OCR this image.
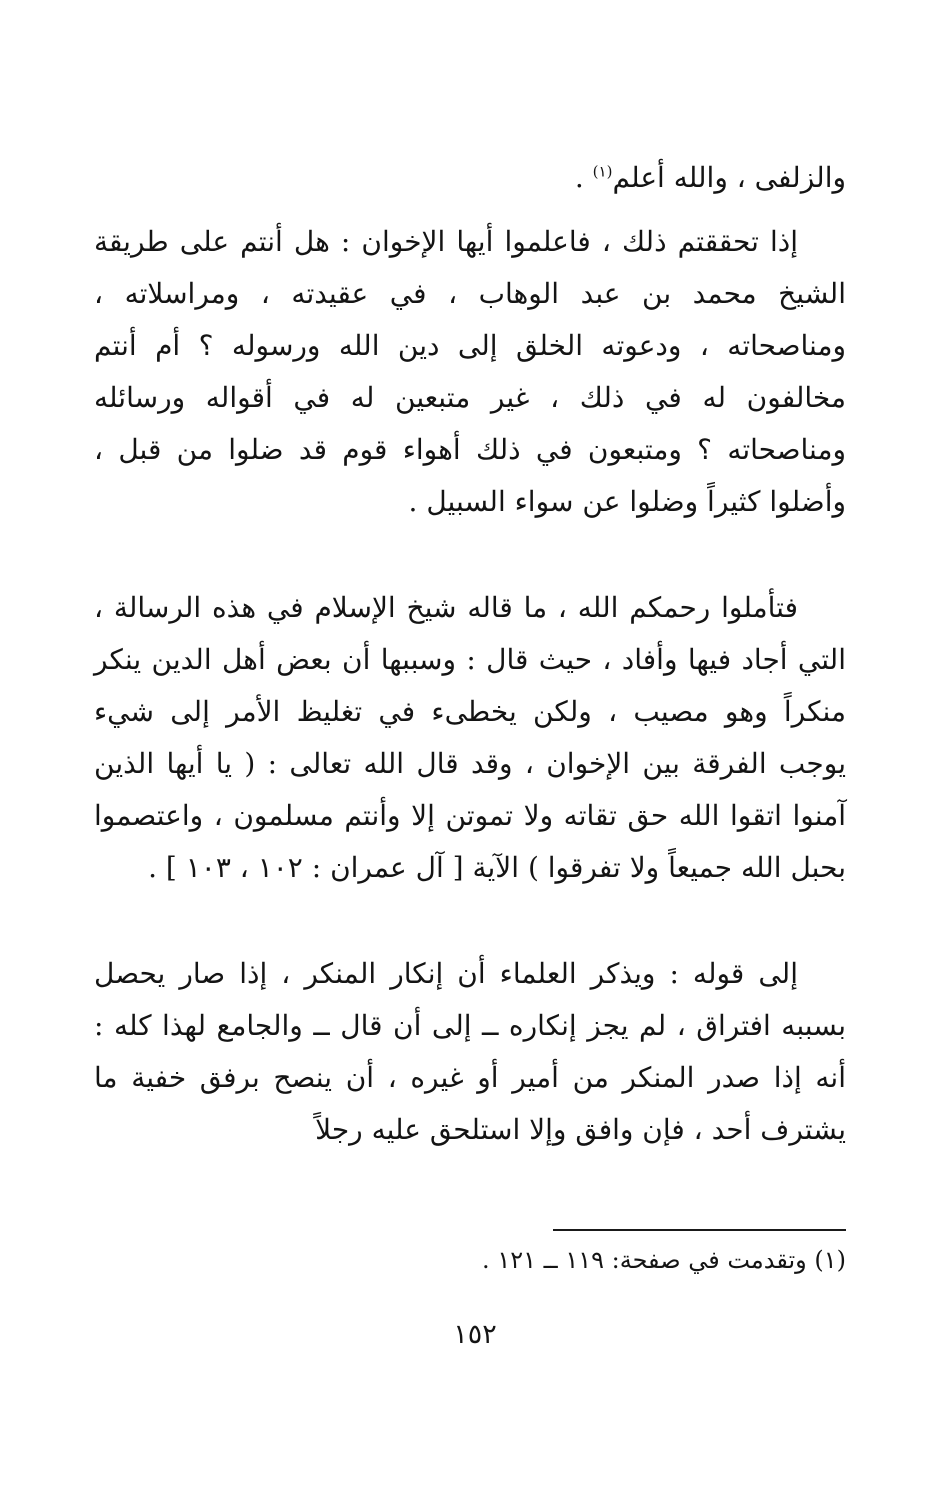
والزلفى ، والله أعلم$^{(١)}$ .
إذا تحققتم ذلك ، فاعلموا أيها الإخوان : هل أنتم على طريقة الشيخ محمد بن عبد الوهاب ، في عقيدته ، ومراسلاته ، ومناصحاته ، ودعوته الخلق إلى دين الله ورسوله ؟ أم أنتم مخالفون له في ذلك ، غير متبعين له في أقواله ورسائله ومناصحاته ؟ ومتبعون في ذلك أهواء قوم قد ضلوا من قبل ، وأضلوا كثيراً وضلوا عن سواء السبيل .
فتأملوا رحمكم الله ، ما قاله شيخ الإسلام في هذه الرسالة ، التي أجاد فيها وأفاد ، حيث قال : وسببها أن بعض أهل الدين ينكر منكراً وهو مصيب ، ولكن يخطىء في تغليظ الأمر إلى شيء يوجب الفرقة بين الإخوان ، وقد قال الله تعالى : ( يا أيها الذين آمنوا اتقوا الله حق تقاته ولا تموتن إلا وأنتم مسلمون ، واعتصموا بحبل الله جميعاً ولا تفرقوا ) الآية [ آل عمران : ١٠٢ ، ١٠٣ ] .
إلى قوله : ويذكر العلماء أن إنكار المنكر ، إذا صار يحصل بسببه افتراق ، لم يجز إنكاره ــ إلى أن قال ــ والجامع لهذا كله : أنه إذا صدر المنكر من أمير أو غيره ، أن ينصح برفق خفية ما يشترف أحد ، فإن وافق وإلا استلحق عليه رجلاً
(١) وتقدمت في صفحة: ١١٩ ــ ١٢١ .
١٥٢
